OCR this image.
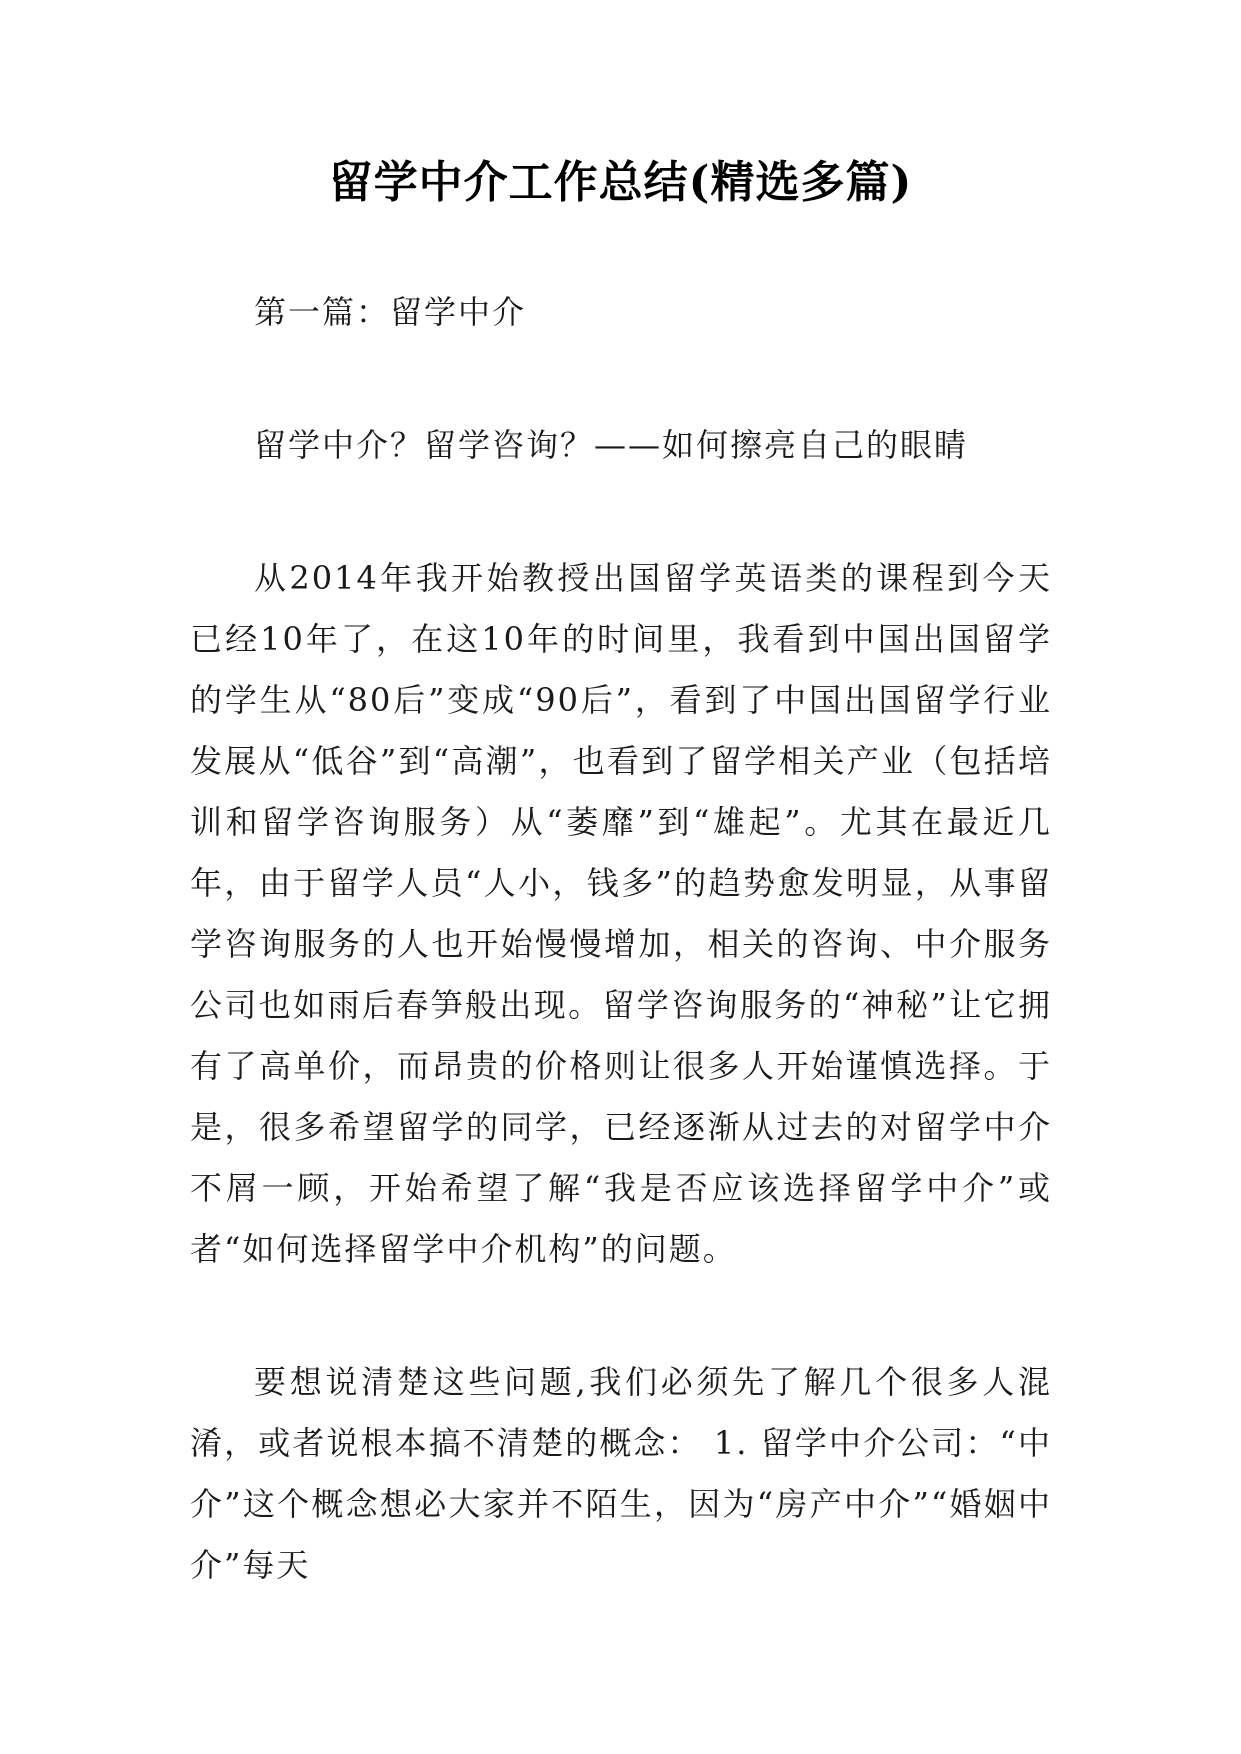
留学中介工作总结(精选多篇)

第一篇：留学中介

留学中介？留学咨询？——如何擦亮自己的眼睛

从2014年我开始教授出国留学英语类的课程到今天已经10年了，在这10年的时间里，我看到中国出国留学的学生从“80后”变成“90后”，看到了中国出国留学行业发展从“低谷”到“高潮”，也看到了留学相关产业（包括培训和留学咨询服务）从“萎靡”到“雄起”。尤其在最近几年，由于留学人员“人小，钱多”的趋势愈发明显，从事留学咨询服务的人也开始慢慢增加，相关的咨询、中介服务公司也如雨后春笋般出现。留学咨询服务的“神秘”让它拥有了高单价，而昂贵的价格则让很多人开始谨慎选择。于是，很多希望留学的同学，已经逐渐从过去的对留学中介不屑一顾，开始希望了解“我是否应该选择留学中介”或者“如何选择留学中介机构”的问题。

要想说清楚这些问题,我们必须先了解几个很多人混淆，或者说根本搞不清楚的概念： 1. 留学中介公司：“中介”这个概念想必大家并不陌生，因为“房产中介”“婚姻中介”每天
